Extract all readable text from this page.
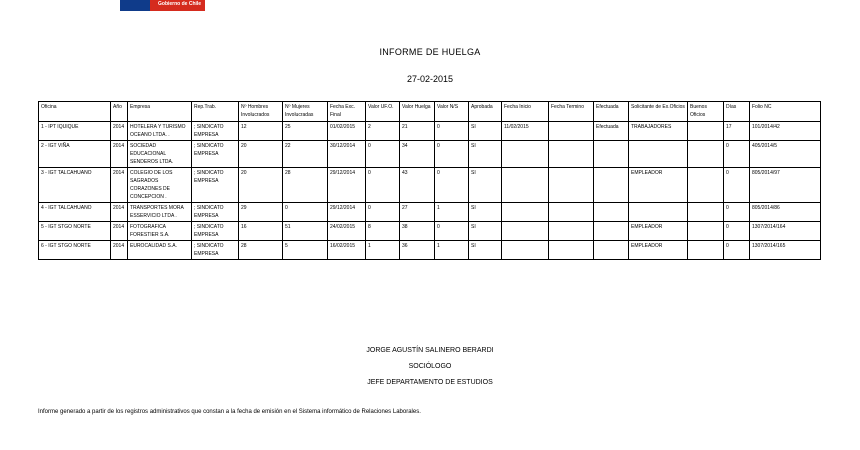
Gobierno de Chile
INFORME DE HUELGA
27-02-2015
Oficina	Año	Empresa	Rep.Trab.	Nº Hombres Involucrados	Nº Mujeres Involucradas	Fecha Exc. Final	Valor UF.O.	Valor Huelga	Valor N/S	Aprobada	Fecha Inicio	Fecha Termino	Efectuada	Solicitante de Ex.Oficios	Buenos Oficios	Días	Folio NC
1 - IPT IQUIQUE	2014	HOTELERA Y TURISMO OCEANO LTDA. .	; SINDICATO EMPRESA	12	25	01/02/2015	2	21	0	SI	11/02/2015		Efectuada	TRABAJADORES		17	101/2014/42
2 - IGT VIÑA	2014	SOCIEDAD EDUCACIONAL SENDEROS LTDA.	; SINDICATO EMPRESA	20	22	30/12/2014	0	34	0	SI						0	405/2014/5
3 - IGT TALCAHUANO	2014	COLEGIO DE LOS SAGRADOS CORAZONES DE CONCEPCION .	; SINDICATO EMPRESA	20	28	29/12/2014	0	43	0	SI				EMPLEADOR		0	805/2014/97
4 - IGT TALCAHUANO	2014	TRANSPORTES MORA ESSERVICIO LTDA .	; SINDICATO EMPRESA	29	0	29/12/2014	0	27	1	SI						0	805/2014/86
5 - IGT STGO NORTE	2014	FOTOGRAFICA FORESTIER S.A.	; SINDICATO EMPRESA	16	51	24/02/2015	8	38	0	SI				EMPLEADOR		0	1307/2014/164
6 - IGT STGO NORTE	2014	EUROCALIDAD S.A.	; SINDICATO EMPRESA	28	5	16/02/2015	1	36	1	SI				EMPLEADOR		0	1307/2014/165
JORGE AGUSTÍN SALINERO BERARDI
SOCIÓLOGO
JEFE DEPARTAMENTO DE ESTUDIOS
Informe generado a partir de los registros administrativos que constan a la fecha de emisión en el Sistema informático de Relaciones Laborales.
